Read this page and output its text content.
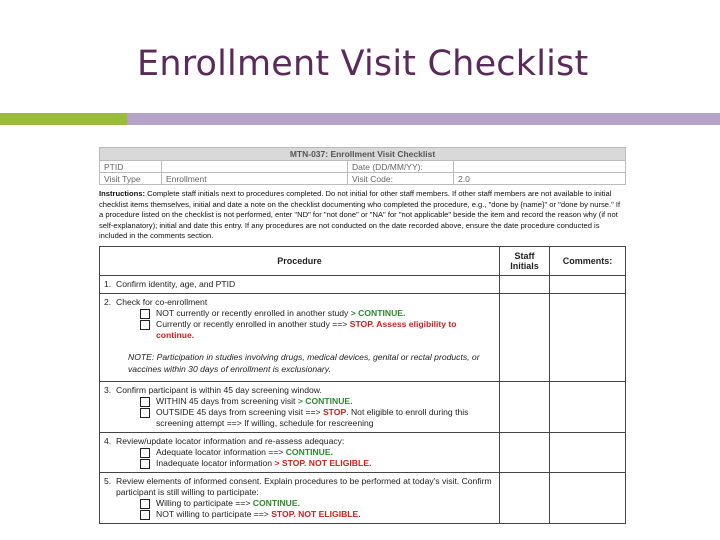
Enrollment Visit Checklist
MTN-037: Enrollment Visit Checklist			
PTID		Date (DD/MM/YY):	
Visit Type	Enrollment	Visit Code:	2.0
Instructions: Complete staff initials next to procedures completed. Do not initial for other staff members. If other staff members are not available to initial checklist items themselves, initial and date a note on the checklist documenting who completed the procedure, e.g., "done by {name}" or "done by nurse." If a procedure listed on the checklist is not performed, enter "ND" for "not done" or "NA" for "not applicable" beside the item and record the reason why (if not self-explanatory); initial and date this entry. If any procedures are not conducted on the date recorded above, ensure the date procedure conducted is included in the comments section.
Procedure	Staff Initials	Comments:

1. Confirm identity, age, and PTID		

2. Check for co-enrollment
NOT currently or recently enrolled in another study > CONTINUE.
Currently or recently enrolled in another study ==> STOP. Assess eligibility to continue.
NOTE: Participation in studies involving drugs, medical devices, genital or rectal products, or vaccines within 30 days of enrollment is exclusionary.		

3. Confirm participant is within 45 day screening window.
WITHIN 45 days from screening visit > CONTINUE.
OUTSIDE 45 days from screening visit ==> STOP. Not eligible to enroll during this screening attempt ==> If willing, schedule for rescreening		

4. Review/update locator information and re-assess adequacy:
Adequate locator information ==> CONTINUE.
Inadequate locator information > STOP. NOT ELIGIBLE.		

5. Review elements of informed consent. Explain procedures to be performed at today's visit. Confirm participant is still willing to participate:
Willing to participate ==> CONTINUE.
NOT willing to participate ==> STOP. NOT ELIGIBLE.		
